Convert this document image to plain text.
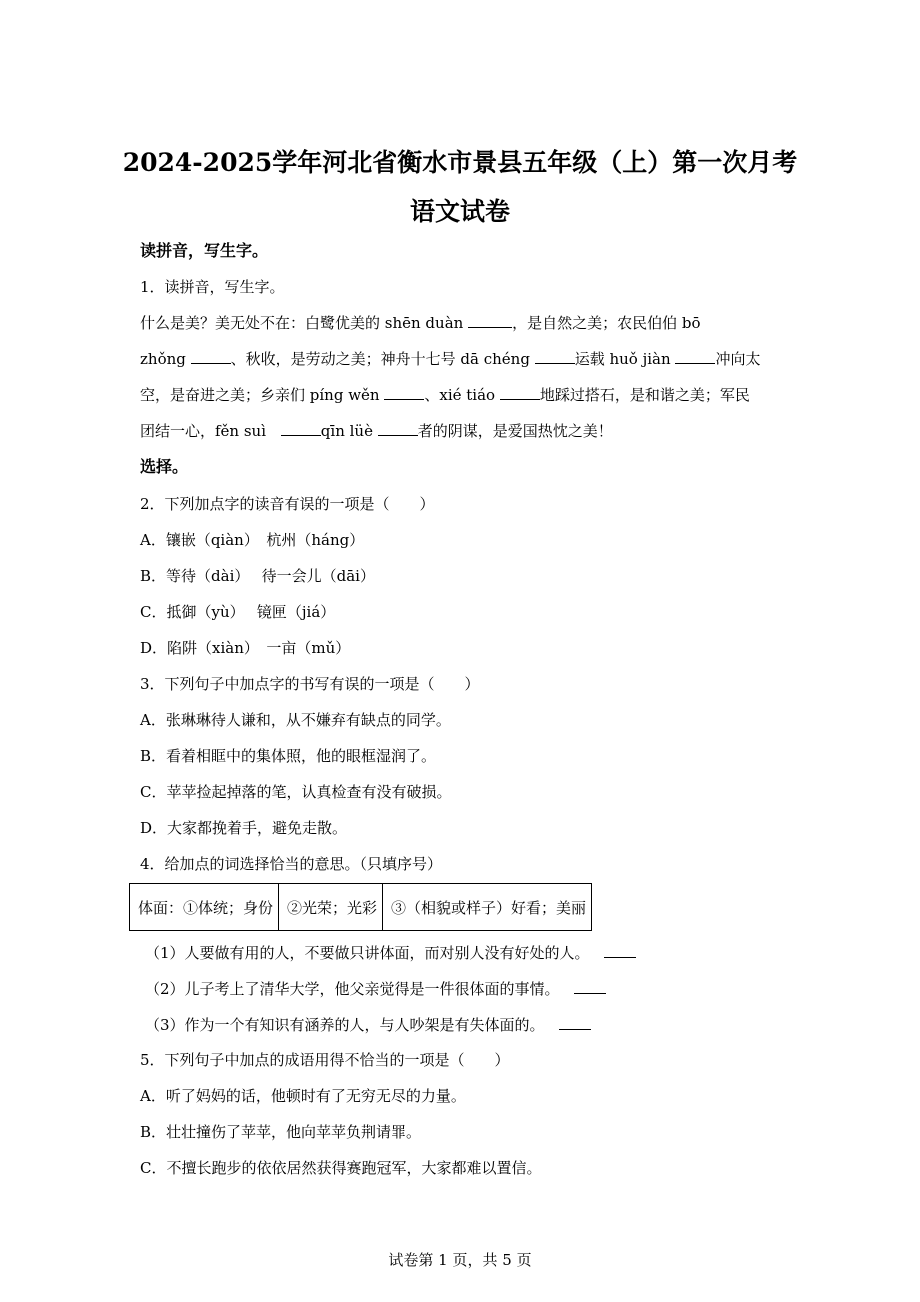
2024-2025学年河北省衡水市景县五年级（上）第一次月考
语文试卷
读拼音，写生字。
1．读拼音，写生字。
什么是美？美无处不在：白鹭优美的 shēn duàn	，是自然之美；农民伯伯 bō
zhǒng	、秋收，是劳动之美；神舟十七号 dā chéng	运载 huǒ jiàn	冲向太
空，是奋进之美；乡亲们 píng wěn	、xié tiáo	地踩过搭石，是和谐之美；军民
团结一心，fěn suì	qīn lüè	者的阴谋，是爱国热忱之美！
选择。
2．下列加点字的读音有误的一项是（　　）
A．镶嵌（qiàn）　杭州（háng）
B．等待（dài）　 待一会儿（dāi）
C．抵御（yù）　 镜匣（jiá）
D．陷阱（xiàn）　一亩（mǔ）
3．下列句子中加点字的书写有误的一项是（　　）
A．张琳琳待人谦和，从不嫌弃有缺点的同学。
B．看着相眶中的集体照，他的眼框湿润了。
C．苹苹捡起掉落的笔，认真检查有没有破损。
D．大家都挽着手，避免走散。
4．给加点的词选择恰当的意思。（只填序号）
体面：①体统；身份	②光荣；光彩	③（相貌或样子）好看；美丽
（1）人要做有用的人，不要做只讲体面，而对别人没有好处的人。
（2）儿子考上了清华大学，他父亲觉得是一件很体面的事情。
（3）作为一个有知识有涵养的人，与人吵架是有失体面的。
5．下列句子中加点的成语用得不恰当的一项是（　　）
A．听了妈妈的话，他顿时有了无穷无尽的力量。
B．壮壮撞伤了苹苹，他向苹苹负荆请罪。
C．不擅长跑步的依依居然获得赛跑冠军，大家都难以置信。
试卷第 1 页，共 5 页
